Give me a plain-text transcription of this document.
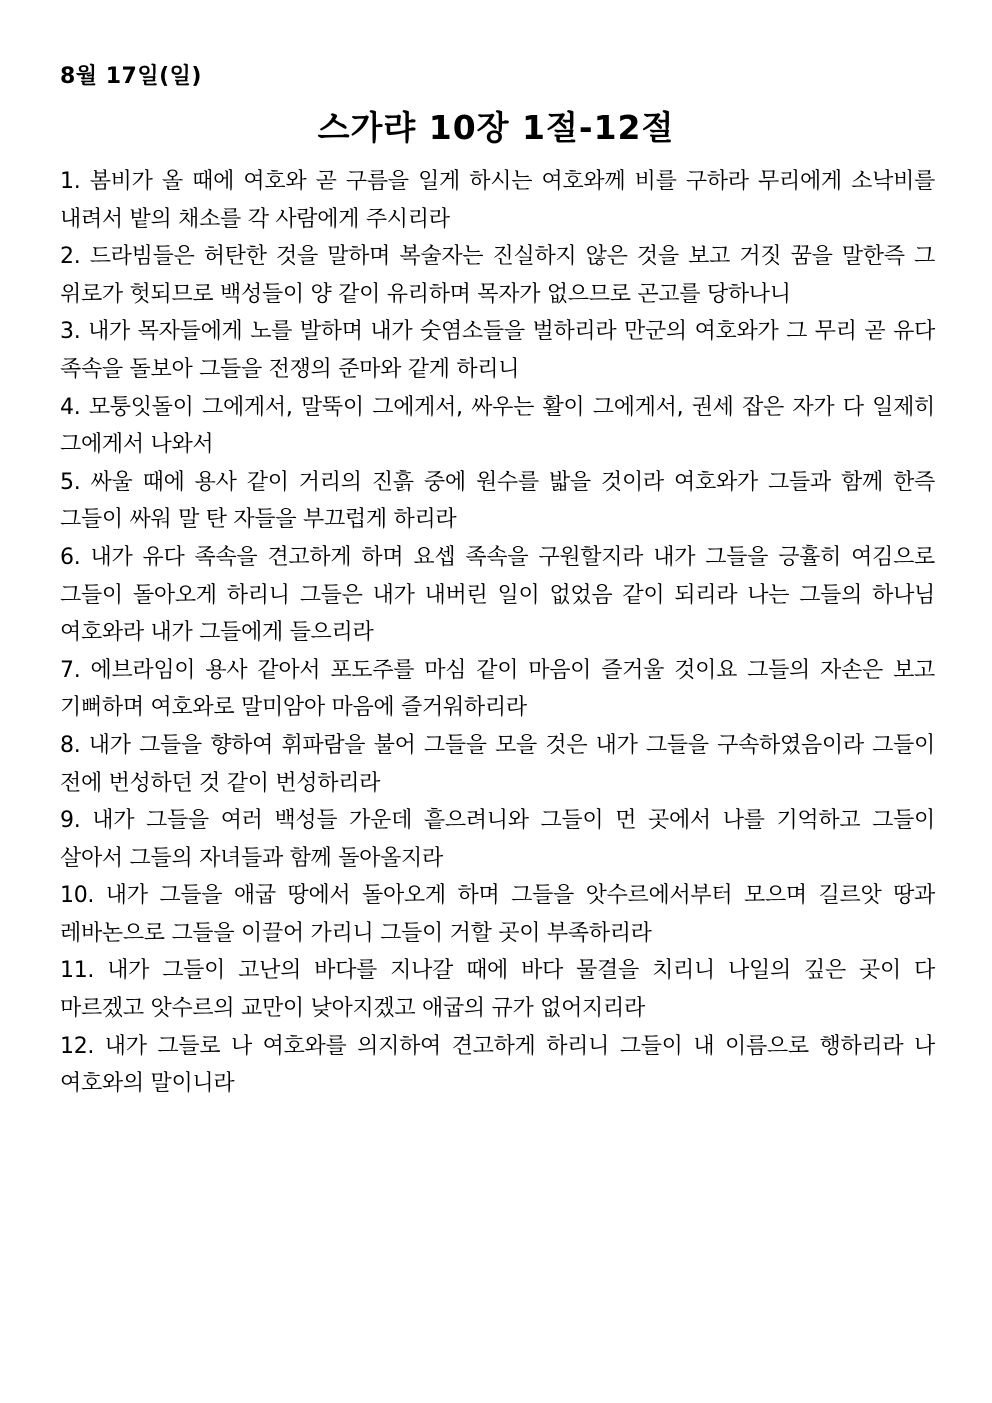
8월 17일(일)
스가랴 10장 1절-12절
1. 봄비가 올 때에 여호와 곧 구름을 일게 하시는 여호와께 비를 구하라 무리에게 소낙비를 내려서 밭의 채소를 각 사람에게 주시리라
2. 드라빔들은 허탄한 것을 말하며 복술자는 진실하지 않은 것을 보고 거짓 꿈을 말한즉 그 위로가 헛되므로 백성들이 양 같이 유리하며 목자가 없으므로 곤고를 당하나니
3. 내가 목자들에게 노를 발하며 내가 숫염소들을 벌하리라 만군의 여호와가 그 무리 곧 유다 족속을 돌보아 그들을 전쟁의 준마와 같게 하리니
4. 모퉁잇돌이 그에게서, 말뚝이 그에게서, 싸우는 활이 그에게서, 권세 잡은 자가 다 일제히 그에게서 나와서
5. 싸울 때에 용사 같이 거리의 진흙 중에 원수를 밟을 것이라 여호와가 그들과 함께 한즉 그들이 싸워 말 탄 자들을 부끄럽게 하리라
6. 내가 유다 족속을 견고하게 하며 요셉 족속을 구원할지라 내가 그들을 긍휼히 여김으로 그들이 돌아오게 하리니 그들은 내가 내버린 일이 없었음 같이 되리라 나는 그들의 하나님 여호와라 내가 그들에게 들으리라
7. 에브라임이 용사 같아서 포도주를 마심 같이 마음이 즐거울 것이요 그들의 자손은 보고 기뻐하며 여호와로 말미암아 마음에 즐거워하리라
8. 내가 그들을 향하여 휘파람을 불어 그들을 모을 것은 내가 그들을 구속하였음이라 그들이 전에 번성하던 것 같이 번성하리라
9. 내가 그들을 여러 백성들 가운데 흩으려니와 그들이 먼 곳에서 나를 기억하고 그들이 살아서 그들의 자녀들과 함께 돌아올지라
10. 내가 그들을 애굽 땅에서 돌아오게 하며 그들을 앗수르에서부터 모으며 길르앗 땅과 레바논으로 그들을 이끌어 가리니 그들이 거할 곳이 부족하리라
11. 내가 그들이 고난의 바다를 지나갈 때에 바다 물결을 치리니 나일의 깊은 곳이 다 마르겠고 앗수르의 교만이 낮아지겠고 애굽의 규가 없어지리라
12. 내가 그들로 나 여호와를 의지하여 견고하게 하리니 그들이 내 이름으로 행하리라 나 여호와의 말이니라
